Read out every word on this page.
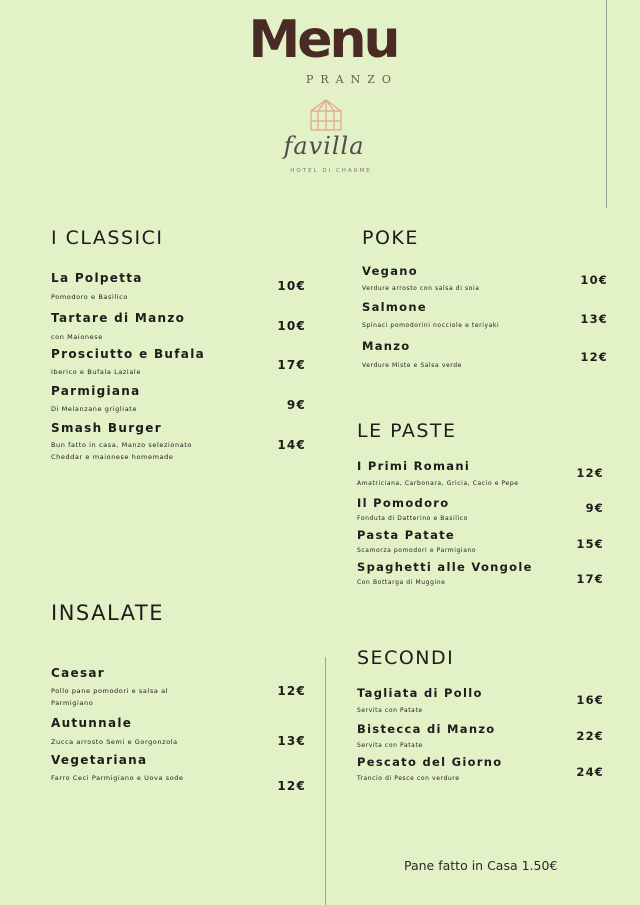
Menu
PRANZO
favilla
HOTEL DI CHARME
I CLASSICI
La Polpetta
Pomodoro e Basilico
10€
Tartare di Manzo
con Maionese
10€
Prosciutto e Bufala
Iberico e Bufala Laziale	17€
Parmigiana
Di Melanzane grigliate	9€
Smash Burger
Bun fatto in casa, Manzo selezionato
Cheddar e maionese homemade
14€
INSALATE
Caesar
Pollo pane pomodori e salsa al
Parmigiano
12€
Autunnale
Zucca arrosto Semi e Gorgonzola	13€
Vegetariana
Farro Ceci Parmigiano e Uova sode
12€
POKE
Vegano
Verdure arrosto con salsa di soia
10€
Salmone
Spinaci pomodorini nocciole e teriyaki	13€
Manzo
Verdure Miste e Salsa verde
12€
LE PASTE
I Primi Romani
Amatriciana, Carbonara, Gricia, Cacio e Pepe
12€
Il Pomodoro
Fonduta di Datterino e Basilico
9€
Pasta Patate
Scamorza pomodori e Parmigiano	15€
Spaghetti alle Vongole
Con Bottarga di Muggine	17€
SECONDI
Tagliata di Pollo
Servita con Patate
16€
Bistecca di Manzo
Servita con Patate
22€
Pescato del Giorno
Trancio di Pesce con verdure	24€
Pane fatto in Casa 1.50€
